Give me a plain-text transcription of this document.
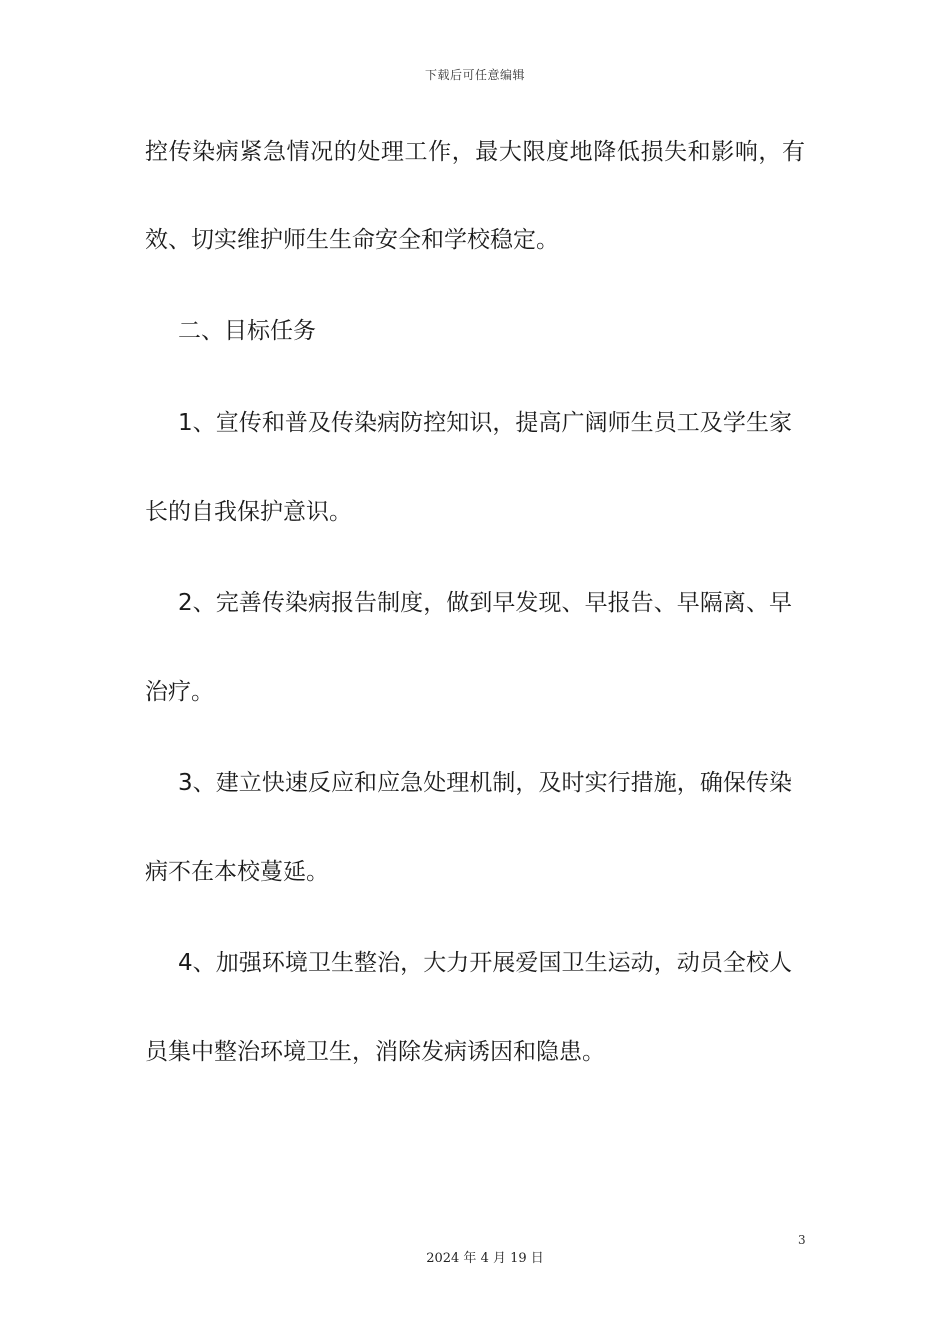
下载后可任意编辑
控传染病紧急情况的处理工作，最大限度地降低损失和影响，有
效、切实维护师生生命安全和学校稳定。
二、目标任务
1、宣传和普及传染病防控知识，提高广阔师生员工及学生家
长的自我保护意识。
2、完善传染病报告制度，做到早发现、早报告、早隔离、早
治疗。
3、建立快速反应和应急处理机制，及时实行措施，确保传染
病不在本校蔓延。
4、加强环境卫生整治，大力开展爱国卫生运动，动员全校人
员集中整治环境卫生，消除发病诱因和隐患。
3
2024 年 4 月 19 日
